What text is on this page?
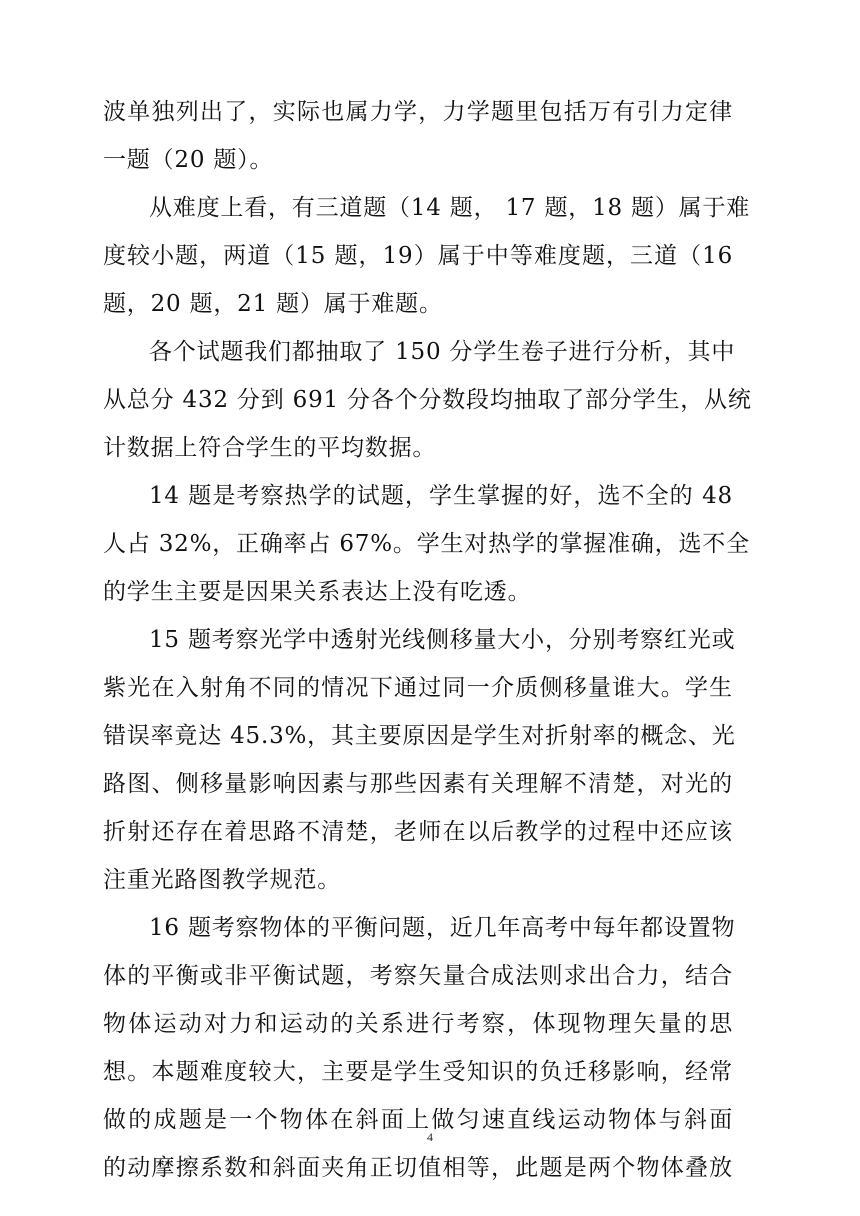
波单独列出了，实际也属力学，力学题里包括万有引力定律
一题（20 题）。
从难度上看，有三道题（14 题， 17 题，18 题）属于难
度较小题，两道（15 题，19）属于中等难度题，三道（16
题，20 题，21 题）属于难题。
各个试题我们都抽取了 150 分学生卷子进行分析，其中
从总分 432 分到 691 分各个分数段均抽取了部分学生，从统
计数据上符合学生的平均数据。
14 题是考察热学的试题，学生掌握的好，选不全的 48
人占 32%，正确率占 67%。学生对热学的掌握准确，选不全
的学生主要是因果关系表达上没有吃透。
15 题考察光学中透射光线侧移量大小，分别考察红光或
紫光在入射角不同的情况下通过同一介质侧移量谁大。学生
错误率竟达 45.3%，其主要原因是学生对折射率的概念、光
路图、侧移量影响因素与那些因素有关理解不清楚，对光的
折射还存在着思路不清楚，老师在以后教学的过程中还应该
注重光路图教学规范。
16 题考察物体的平衡问题，近几年高考中每年都设置物
体的平衡或非平衡试题，考察矢量合成法则求出合力，结合
物体运动对力和运动的关系进行考察，体现物理矢量的思
想。本题难度较大，主要是学生受知识的负迁移影响，经常
做的成题是一个物体在斜面上做匀速直线运动物体与斜面
的动摩擦系数和斜面夹角正切值相等，此题是两个物体叠放
4
